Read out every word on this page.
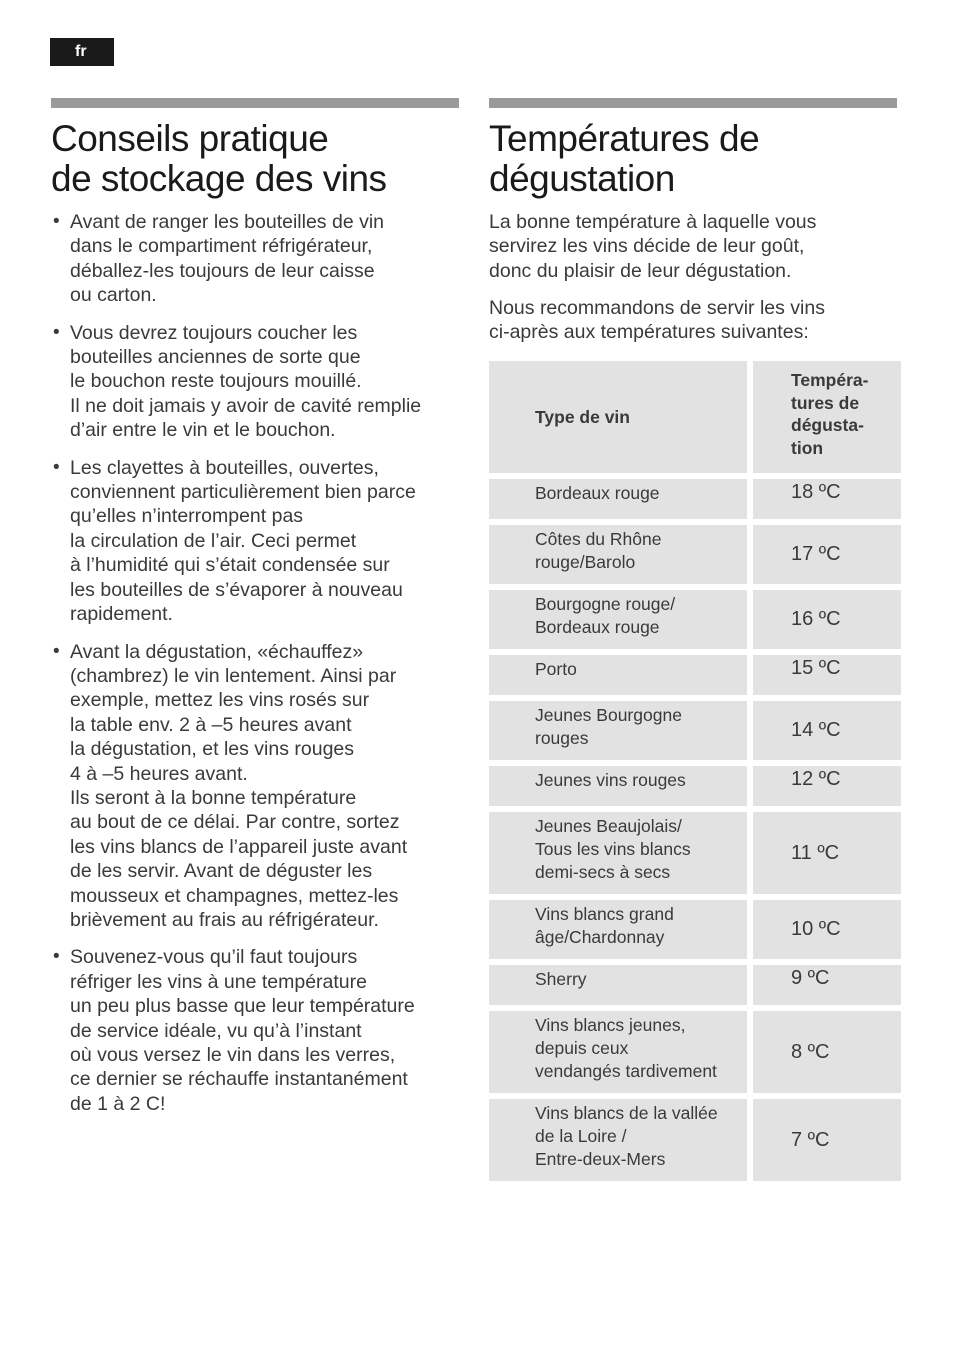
fr
Conseils pratique
de stockage des vins
Températures de
dégustation
• Avant de ranger les bouteilles de vin
dans le compartiment réfrigérateur,
déballez-les toujours de leur caisse
ou carton.
• Vous devrez toujours coucher les
bouteilles anciennes de sorte que
le bouchon reste toujours mouillé.
Il ne doit jamais y avoir de cavité remplie
d’air entre le vin et le bouchon.
• Les clayettes à bouteilles, ouvertes,
conviennent particulièrement bien parce
qu’elles n’interrompent pas
la circulation de l’air. Ceci permet
à l’humidité qui s’était condensée sur
les bouteilles de s’évaporer à nouveau
rapidement.
• Avant la dégustation, «échauffez»
(chambrez) le vin lentement. Ainsi par
exemple, mettez les vins rosés sur
la table env. 2 à –5 heures avant
la dégustation, et les vins rouges
4 à –5 heures avant.
Ils seront à la bonne température
au bout de ce délai. Par contre, sortez
les vins blancs de l’appareil juste avant
de les servir. Avant de déguster les
mousseux et champagnes, mettez-les
brièvement au frais au réfrigérateur.
• Souvenez-vous qu’il faut toujours
réfriger les vins à une température
un peu plus basse que leur température
de service idéale, vu qu’à l’instant
où vous versez le vin dans les verres,
ce dernier se réchauffe instantanément
de 1 à 2 C!
La bonne température à laquelle vous
servirez les vins décide de leur goût,
donc du plaisir de leur dégustation.
Nous recommandons de servir les vins
ci-après aux températures suivantes:
Type de vin
Tempéra-
tures de
dégusta-
tion
Bordeaux rouge	18 ºC
Côtes du Rhône
rouge/Barolo	17 ºC
Bourgogne rouge/
Bordeaux rouge	16 ºC
Porto	15 ºC
Jeunes Bourgogne
rouges	14 ºC
Jeunes vins rouges	12 ºC
Jeunes Beaujolais/
Tous les vins blancs
demi-secs à secs
11 ºC
Vins blancs grand
âge/Chardonnay	10 ºC
Sherry	9 ºC
Vins blancs jeunes,
depuis ceux
vendangés tardivement
8 ºC
Vins blancs de la vallée
de la Loire /
Entre-deux-Mers
7 ºC
